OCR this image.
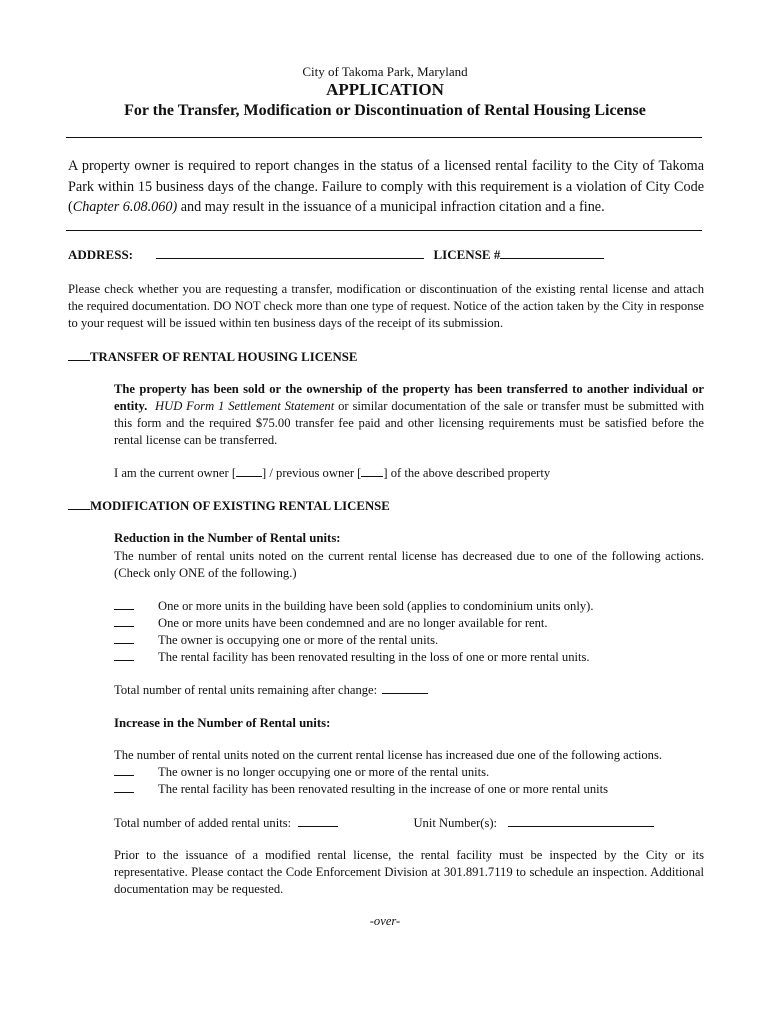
City of Takoma Park, Maryland
APPLICATION
For the Transfer, Modification or Discontinuation of Rental Housing License
A property owner is required to report changes in the status of a licensed rental facility to the City of Takoma Park within 15 business days of the change. Failure to comply with this requirement is a violation of City Code (Chapter 6.08.060) and may result in the issuance of a municipal infraction citation and a fine.
ADDRESS:	LICENSE #
Please check whether you are requesting a transfer, modification or discontinuation of the existing rental license and attach the required documentation. DO NOT check more than one type of request. Notice of the action taken by the City in response to your request will be issued within ten business days of the receipt of its submission.
TRANSFER OF RENTAL HOUSING LICENSE
The property has been sold or the ownership of the property has been transferred to another individual or entity. HUD Form 1 Settlement Statement or similar documentation of the sale or transfer must be submitted with this form and the required $75.00 transfer fee paid and other licensing requirements must be satisfied before the rental license can be transferred.
I am the current owner [ ] / previous owner [ ] of the above described property
MODIFICATION OF EXISTING RENTAL LICENSE
Reduction in the Number of Rental units:
The number of rental units noted on the current rental license has decreased due to one of the following actions. (Check only ONE of the following.)
One or more units in the building have been sold (applies to condominium units only).
One or more units have been condemned and are no longer available for rent.
The owner is occupying one or more of the rental units.
The rental facility has been renovated resulting in the loss of one or more rental units.
Total number of rental units remaining after change:
Increase in the Number of Rental units:
The number of rental units noted on the current rental license has increased due one of the following actions.
The owner is no longer occupying one or more of the rental units.
The rental facility has been renovated resulting in the increase of one or more rental units
Total number of added rental units:	Unit Number(s):
Prior to the issuance of a modified rental license, the rental facility must be inspected by the City or its representative. Please contact the Code Enforcement Division at 301.891.7119 to schedule an inspection. Additional documentation may be requested.
-over-
